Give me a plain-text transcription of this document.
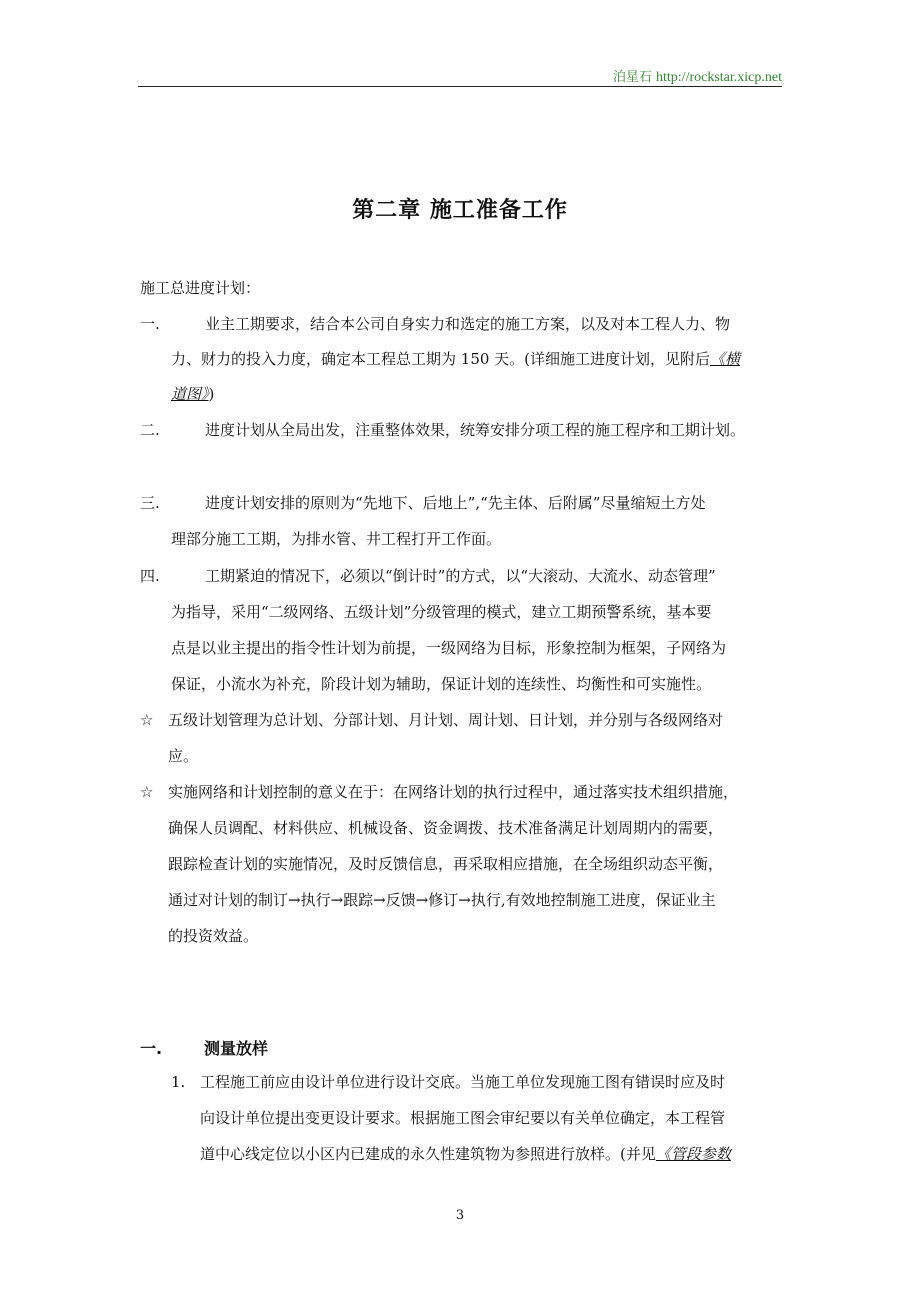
泊星石 http://rockstar.xicp.net
第二章 施工准备工作
施工总进度计划：
一.	业主工期要求，结合本公司自身实力和选定的施工方案，以及对本工程人力、物
力、财力的投入力度，确定本工程总工期为 150 天。(详细施工进度计划，见附后《横
道图》)
二.	进度计划从全局出发，注重整体效果，统筹安排分项工程的施工程序和工期计划。
三.	进度计划安排的原则为“先地下、后地上”,“先主体、后附属”尽量缩短土方处
理部分施工工期，为排水管、井工程打开工作面。
四.	工期紧迫的情况下，必须以“倒计时”的方式，以“大滚动、大流水、动态管理”
为指导，采用“二级网络、五级计划”分级管理的模式，建立工期预警系统，基本要
点是以业主提出的指令性计划为前提，一级网络为目标，形象控制为框架，子网络为
保证，小流水为补充，阶段计划为辅助，保证计划的连续性、均衡性和可实施性。
☆ 五级计划管理为总计划、分部计划、月计划、周计划、日计划，并分别与各级网络对
应。
☆ 实施网络和计划控制的意义在于：在网络计划的执行过程中，通过落实技术组织措施，
确保人员调配、材料供应、机械设备、资金调拨、技术准备满足计划周期内的需要，
跟踪检查计划的实施情况，及时反馈信息，再采取相应措施，在全场组织动态平衡，
通过对计划的制订→执行→跟踪→反馈→修订→执行,有效地控制施工进度，保证业主
的投资效益。
一.	测量放样
1. 工程施工前应由设计单位进行设计交底。当施工单位发现施工图有错误时应及时
向设计单位提出变更设计要求。根据施工图会审纪要以有关单位确定，本工程管
道中心线定位以小区内已建成的永久性建筑物为参照进行放样。(并见《管段参数
3
